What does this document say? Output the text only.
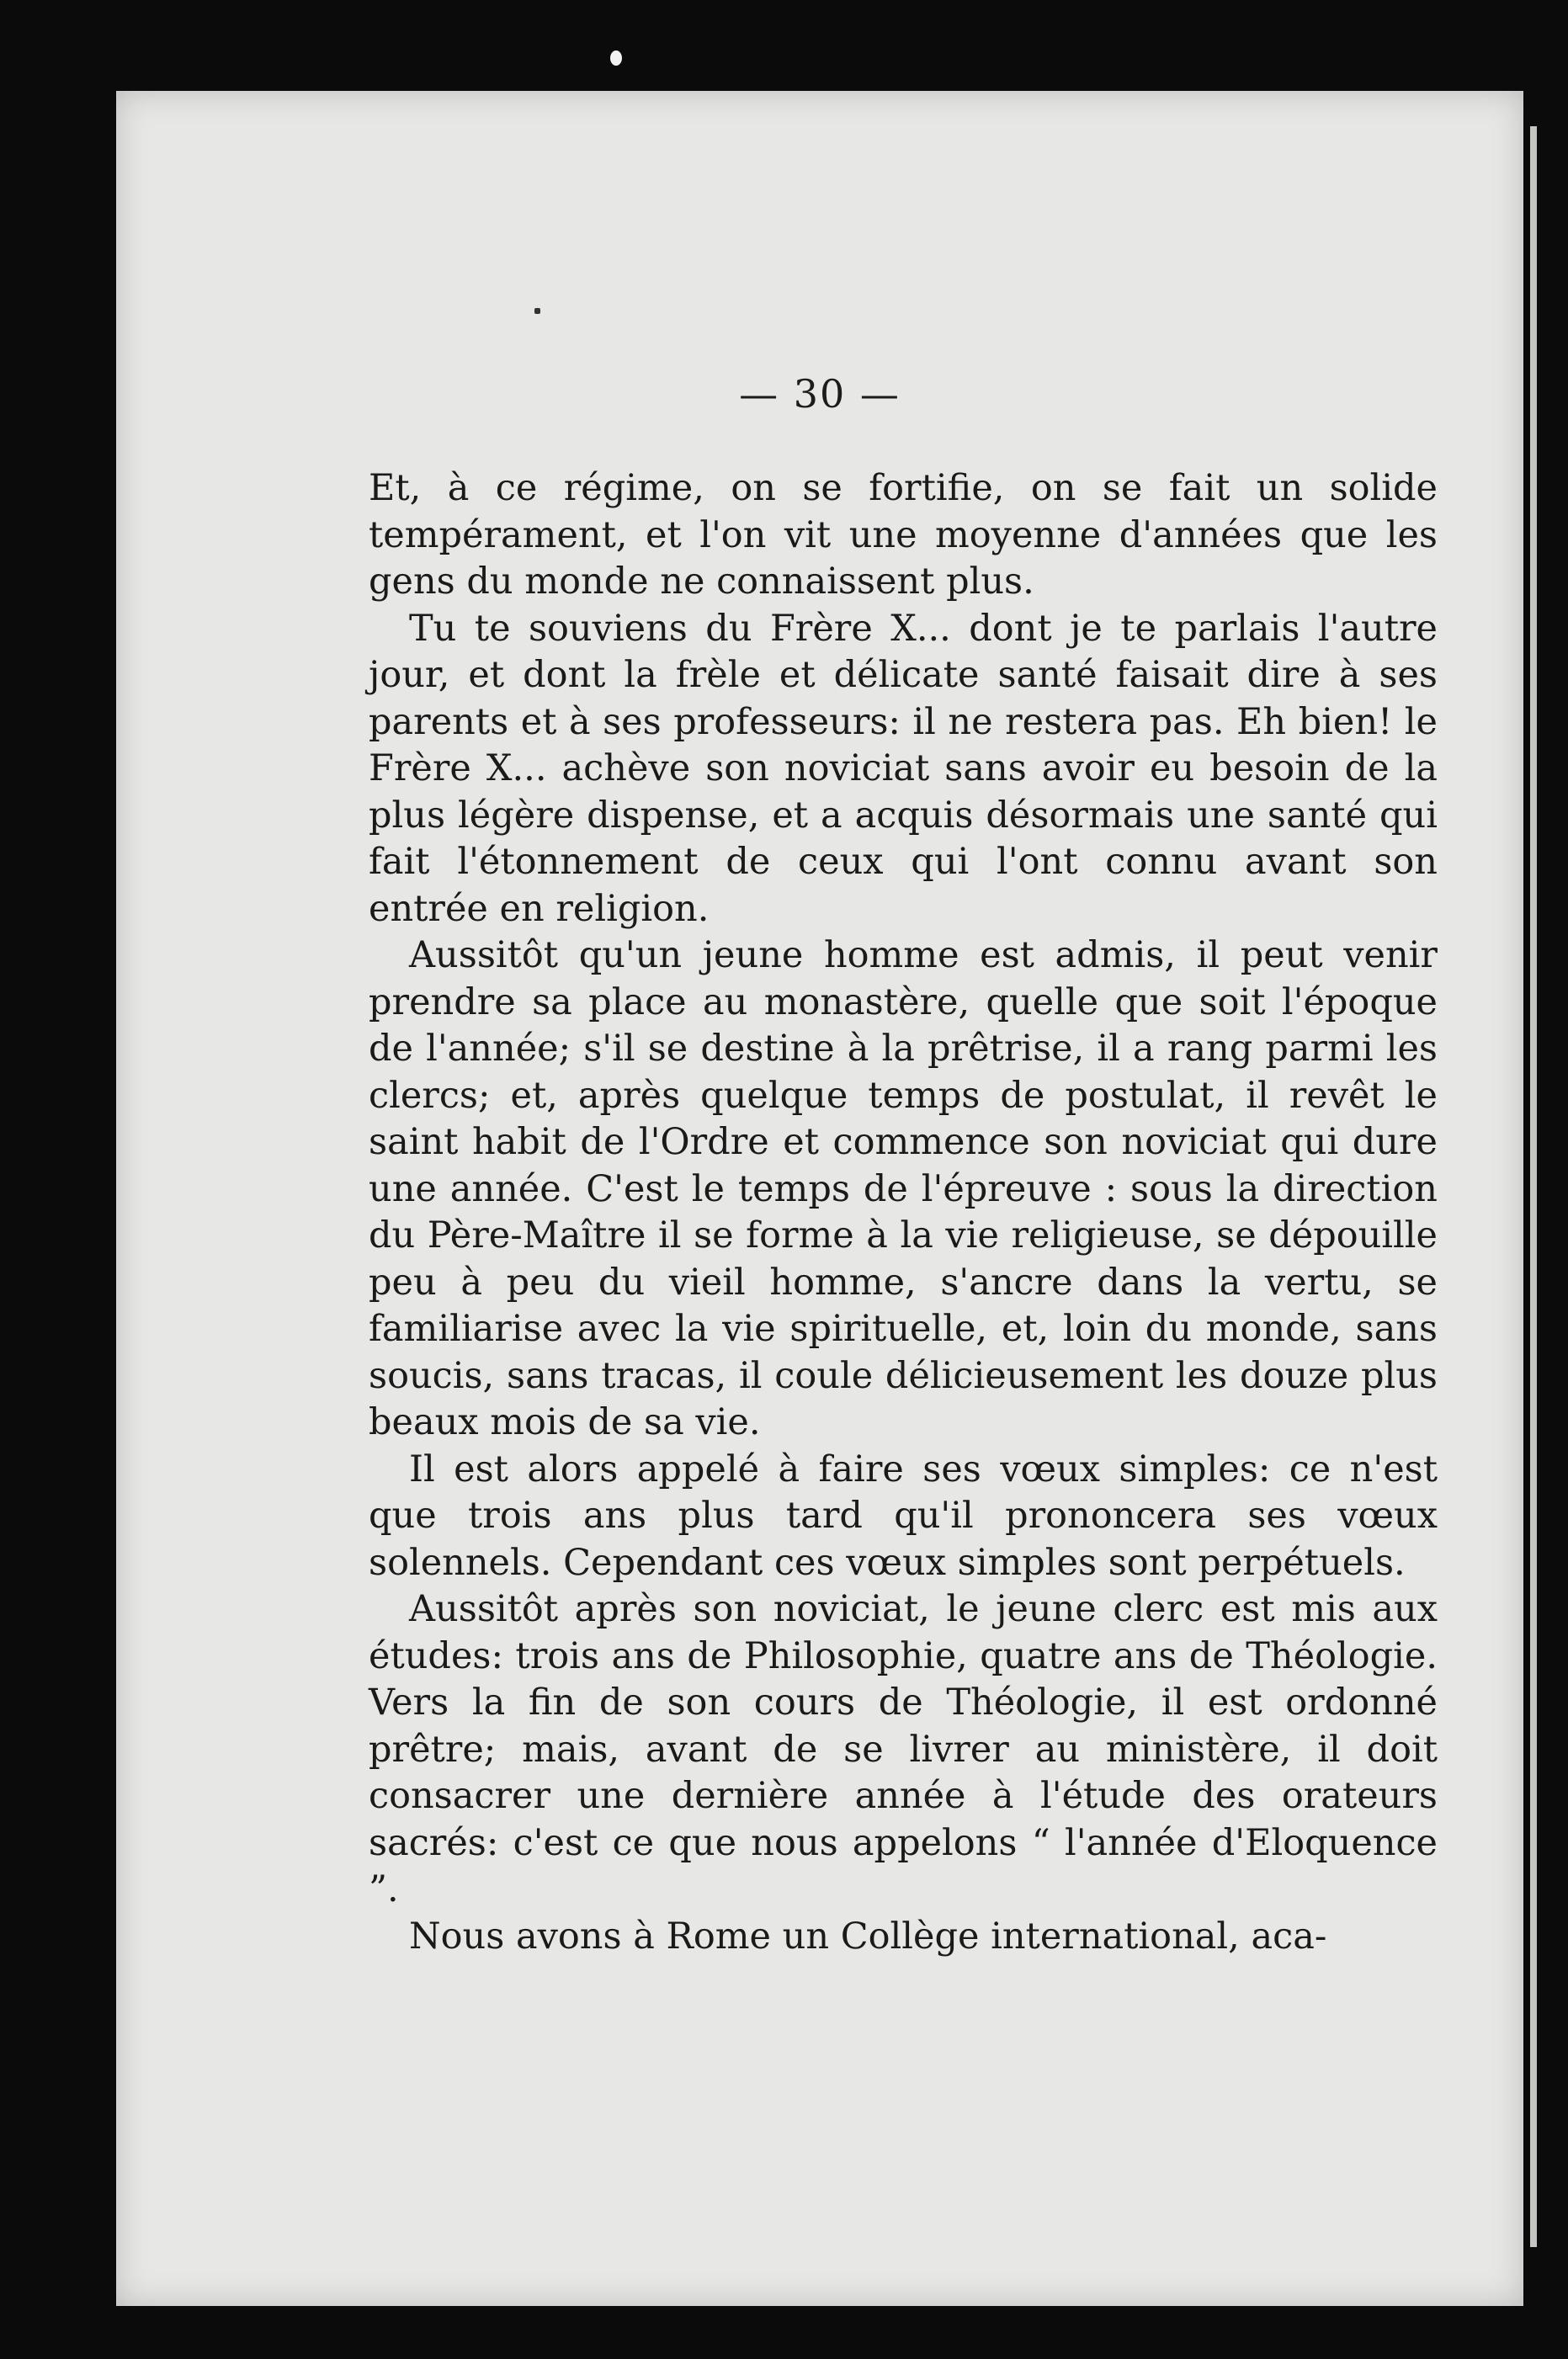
— 30 —

Et, à ce régime, on se fortifie, on se fait un solide tempérament, et l'on vit une moyenne d'années que les gens du monde ne connaissent plus.

Tu te souviens du Frère X... dont je te parlais l'autre jour, et dont la frèle et délicate santé faisait dire à ses parents et à ses professeurs: il ne restera pas. Eh bien! le Frère X... achève son noviciat sans avoir eu besoin de la plus légère dispense, et a acquis désormais une santé qui fait l'étonnement de ceux qui l'ont connu avant son entrée en religion.

Aussitôt qu'un jeune homme est admis, il peut venir prendre sa place au monastère, quelle que soit l'époque de l'année; s'il se destine à la prêtrise, il a rang parmi les clercs; et, après quelque temps de postulat, il revêt le saint habit de l'Ordre et commence son noviciat qui dure une année. C'est le temps de l'épreuve : sous la direction du Père-Maître il se forme à la vie religieuse, se dépouille peu à peu du vieil homme, s'ancre dans la vertu, se familiarise avec la vie spirituelle, et, loin du monde, sans soucis, sans tracas, il coule délicieusement les douze plus beaux mois de sa vie.

Il est alors appelé à faire ses vœux simples: ce n'est que trois ans plus tard qu'il prononcera ses vœux solennels. Cependant ces vœux simples sont perpétuels.

Aussitôt après son noviciat, le jeune clerc est mis aux études: trois ans de Philosophie, quatre ans de Théologie. Vers la fin de son cours de Théologie, il est ordonné prêtre; mais, avant de se livrer au ministère, il doit consacrer une dernière année à l'étude des orateurs sacrés: c'est ce que nous appelons “ l'année d'Eloquence ”.

Nous avons à Rome un Collège international, aca-
